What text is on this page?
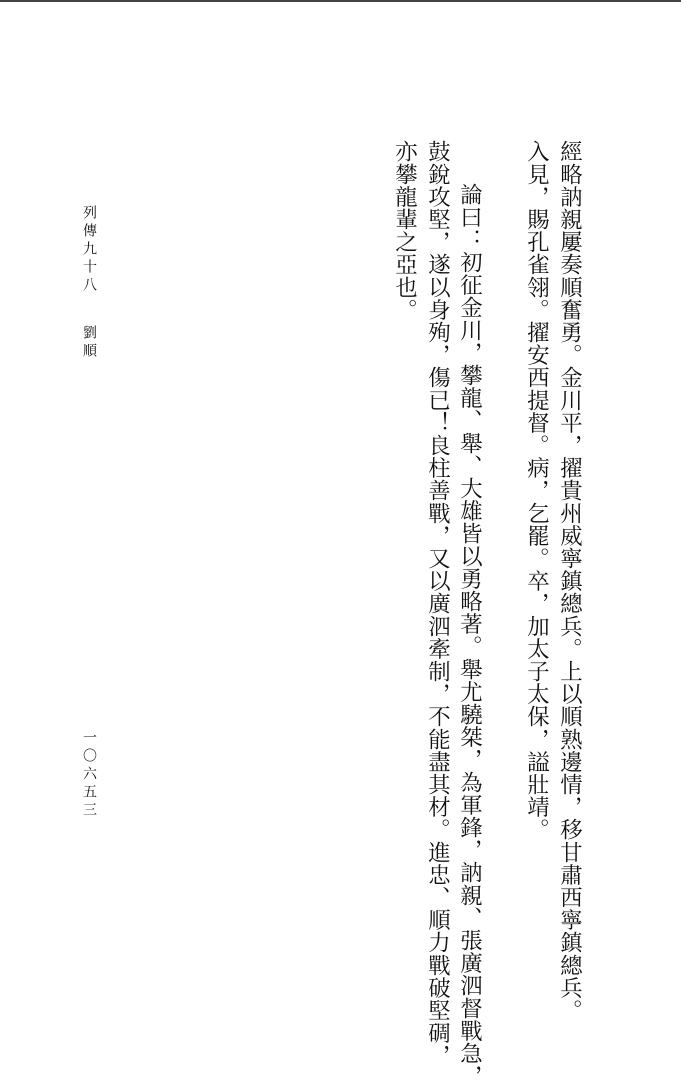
經略訥親屢奏順奮勇。金川平，擢貴州威寧鎮總兵。上以順熟邊情，移甘肅西寧鎮總兵。

入見，賜孔雀翎。擢安西提督。病，乞罷。卒，加太子太保，謚壯靖。

論曰：初征金川，攀龍、舉、大雄皆以勇略著。舉尤驍桀，為軍鋒，訥親、張廣泗督戰急，

鼓銳攻堅，遂以身殉，傷已！良柱善戰，又以廣泗牽制，不能盡其材。進忠、順力戰破堅碉，

亦攀龍輩之亞也。

列傳九十八

劉順

一〇六五三
